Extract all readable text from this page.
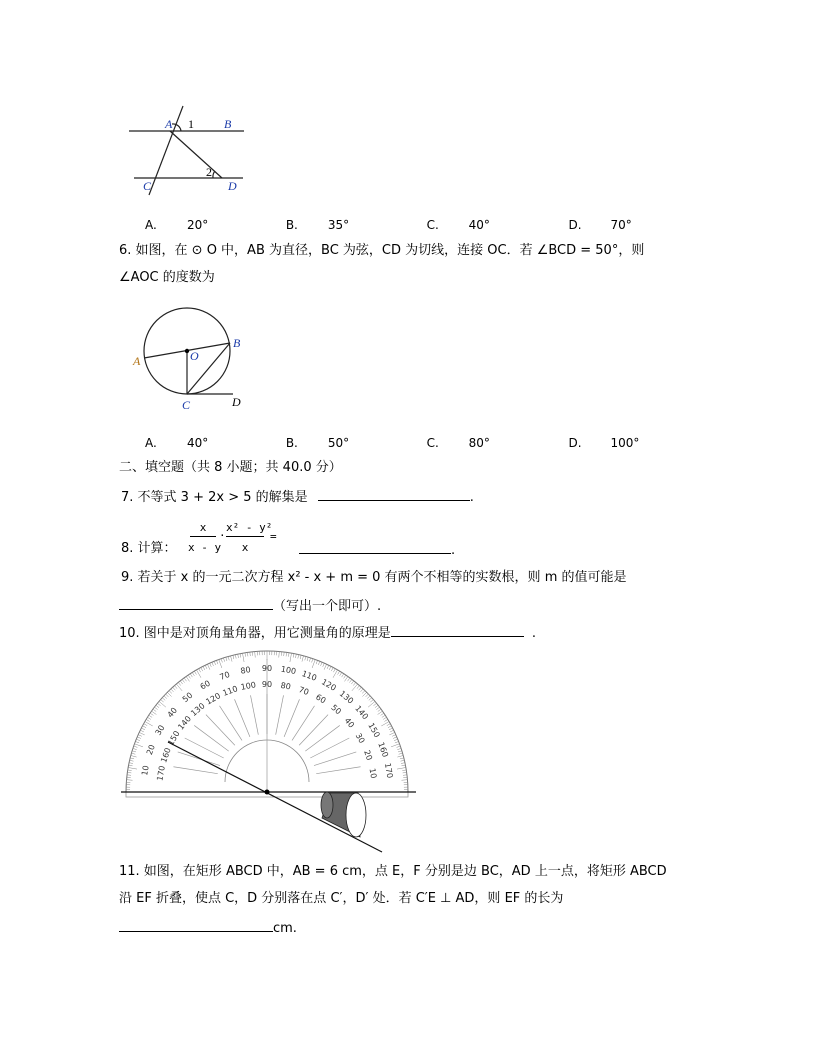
10 170
20 160
30 150
40
140
50
130
60
120
70
110
80
100
90
90
100
80
110
70 120
60 130
50 140
40 150
30
160
20
170
10
A 1	B
2
C	D
A.	20°	B. 35°	C. 40°	D. 70°
6. 如图，在 ⊙ O 中，AB 为直径，BC 为弦，CD 为切线，连接 OC．若 ∠BCD = 50°，则
∠AOC 的度数为
A
B
O
C	D
A.	40°	B. 50°	C. 80°	D. 100°
二、填空题（共 8 小题；共 40.0 分）
7. 不等式 3 + 2x > 5 的解集是	.
8. 计算：
x
x - y
·
x² - y²
x
=
.
9. 若关于 x 的一元二次方程 x² - x + m = 0 有两个不相等的实数根，则 m 的值可能是
（写出一个即可）.
10. 图中是对顶角量角器，用它测量角的原理是	.
11. 如图，在矩形 ABCD 中，AB = 6 cm，点 E，F 分别是边 BC，AD 上一点，将矩形 ABCD
沿 EF 折叠，使点 C，D 分别落在点 C′，D′ 处．若 C′E ⊥ AD，则 EF 的长为
cm.
